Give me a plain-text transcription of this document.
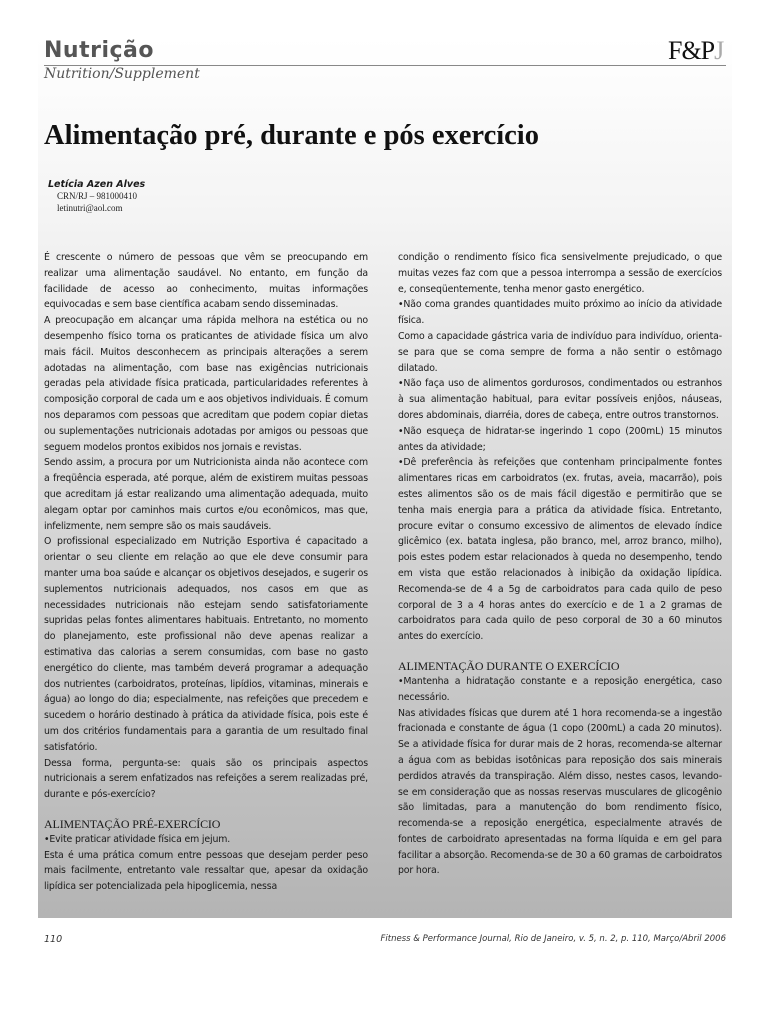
Nutrição
Nutrition/Supplement
F&PJ
Alimentação pré, durante e pós exercício
Letícia Azen Alves
CRN/RJ – 981000410
letinutri@aol.com

É crescente o número de pessoas que vêm se preocupando em realizar uma alimentação saudável. No entanto, em função da facilidade de acesso ao conhecimento, muitas informações equivocadas e sem base científica acabam sendo disseminadas.

A preocupação em alcançar uma rápida melhora na estética ou no desempenho físico torna os praticantes de atividade física um alvo mais fácil. Muitos desconhecem as principais alterações a serem adotadas na alimentação, com base nas exigências nutricionais geradas pela atividade física praticada, particularidades referentes à composição corporal de cada um e aos objetivos individuais. É comum nos deparamos com pessoas que acreditam que podem copiar dietas ou suplementações nutricionais adotadas por amigos ou pessoas que seguem modelos prontos exibidos nos jornais e revistas.

Sendo assim, a procura por um Nutricionista ainda não acontece com a freqüência esperada, até porque, além de existirem muitas pessoas que acreditam já estar realizando uma alimentação adequada, muito alegam optar por caminhos mais curtos e/ou econômicos, mas que, infelizmente, nem sempre são os mais saudáveis.

O profissional especializado em Nutrição Esportiva é capacitado a orientar o seu cliente em relação ao que ele deve consumir para manter uma boa saúde e alcançar os objetivos desejados, e sugerir os suplementos nutricionais adequados, nos casos em que as necessidades nutricionais não estejam sendo satisfatoriamente supridas pelas fontes alimentares habituais. Entretanto, no momento do planejamento, este profissional não deve apenas realizar a estimativa das calorias a serem consumidas, com base no gasto energético do cliente, mas também deverá programar a adequação dos nutrientes (carboidratos, proteínas, lipídios, vitaminas, minerais e água) ao longo do dia; especialmente, nas refeições que precedem e sucedem o horário destinado à prática da atividade física, pois este é um dos critérios fundamentais para a garantia de um resultado final satisfatório.

Dessa forma, pergunta-se: quais são os principais aspectos nutricionais a serem enfatizados nas refeições a serem realizadas pré, durante e pós-exercício?

ALIMENTAÇÃO PRÉ-EXERCÍCIO

•Evite praticar atividade física em jejum.

Esta é uma prática comum entre pessoas que desejam perder peso mais facilmente, entretanto vale ressaltar que, apesar da oxidação lipídica ser potencializada pela hipoglicemia, nessa

condição o rendimento físico fica sensivelmente prejudicado, o que muitas vezes faz com que a pessoa interrompa a sessão de exercícios e, conseqüentemente, tenha menor gasto energético.

•Não coma grandes quantidades muito próximo ao início da atividade física.

Como a capacidade gástrica varia de indivíduo para indivíduo, orienta-se para que se coma sempre de forma a não sentir o estômago dilatado.

•Não faça uso de alimentos gordurosos, condimentados ou estranhos à sua alimentação habitual, para evitar possíveis enjôos, náuseas, dores abdominais, diarréia, dores de cabeça, entre outros transtornos.

•Não esqueça de hidratar-se ingerindo 1 copo (200mL) 15 minutos antes da atividade;

•Dê preferência às refeições que contenham principalmente fontes alimentares ricas em carboidratos (ex. frutas, aveia, macarrão), pois estes alimentos são os de mais fácil digestão e permitirão que se tenha mais energia para a prática da atividade física. Entretanto, procure evitar o consumo excessivo de alimentos de elevado índice glicêmico (ex. batata inglesa, pão branco, mel, arroz branco, milho), pois estes podem estar relacionados à queda no desempenho, tendo em vista que estão relacionados à inibição da oxidação lipídica. Recomenda-se de 4 a 5g de carboidratos para cada quilo de peso corporal de 3 a 4 horas antes do exercício e de 1 a 2 gramas de carboidratos para cada quilo de peso corporal de 30 a 60 minutos antes do exercício.

ALIMENTAÇÃO DURANTE O EXERCÍCIO

•Mantenha a hidratação constante e a reposição energética, caso necessário.

Nas atividades físicas que durem até 1 hora recomenda-se a ingestão fracionada e constante de água (1 copo (200mL) a cada 20 minutos). Se a atividade física for durar mais de 2 horas, recomenda-se alternar a água com as bebidas isotônicas para reposição dos sais minerais perdidos através da transpiração. Além disso, nestes casos, levando-se em consideração que as nossas reservas musculares de glicogênio são limitadas, para a manutenção do bom rendimento físico, recomenda-se a reposição energética, especialmente através de fontes de carboidrato apresentadas na forma líquida e em gel para facilitar a absorção. Recomenda-se de 30 a 60 gramas de carboidratos por hora.

110	Fitness & Performance Journal, Rio de Janeiro, v. 5, n. 2, p. 110, Março/Abril 2006
